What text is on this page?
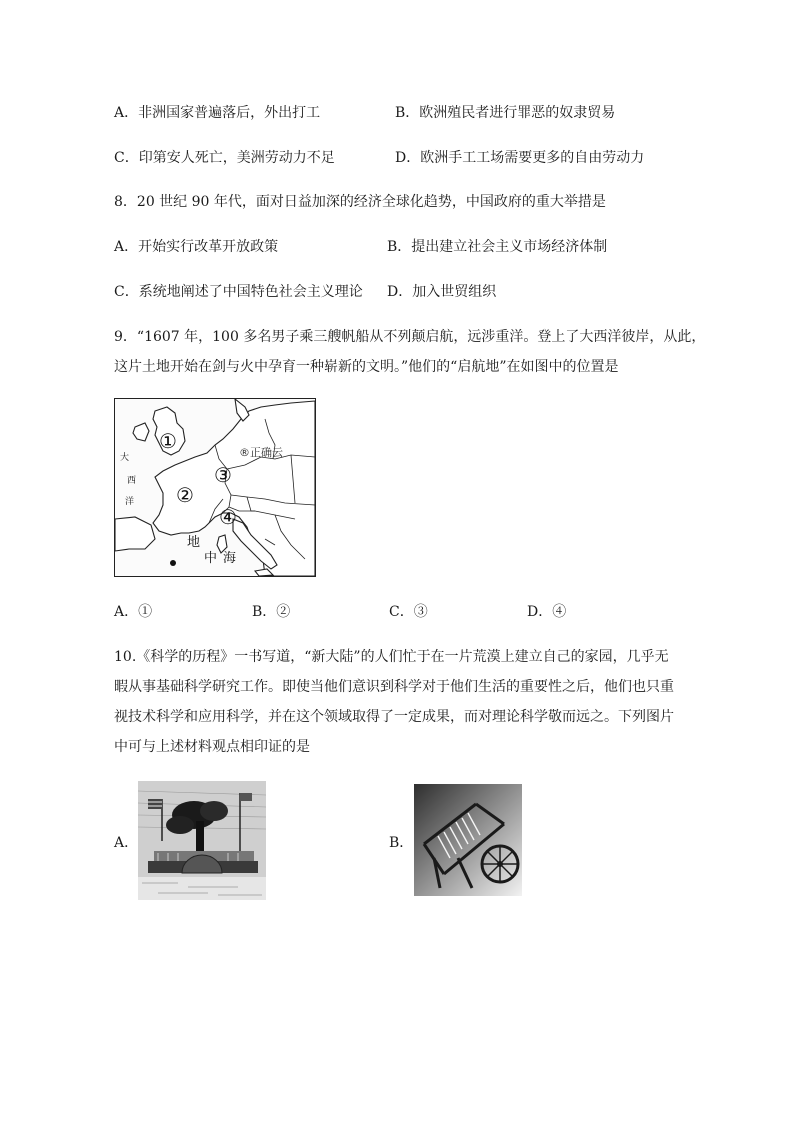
A．非洲国家普遍落后，外出打工	B．欧洲殖民者进行罪恶的奴隶贸易
C．印第安人死亡，美洲劳动力不足	D．欧洲手工工场需要更多的自由劳动力
8．20 世纪 90 年代，面对日益加深的经济全球化趋势，中国政府的重大举措是
A．开始实行改革开放政策	B．提出建立社会主义市场经济体制
C．系统地阐述了中国特色社会主义理论 D．加入世贸组织
9．“1607 年，100 多名男子乘三艘帆船从不列颠启航，远涉重洋。登上了大西洋彼岸，从此，
这片土地开始在剑与火中孕育一种崭新的文明。”他们的“启航地”在如图中的位置是
①
②
③
④
大
西
洋
地
中 海
®正确云
A．①	B．②	C．③	D．④
10.《科学的历程》一书写道，“新大陆”的人们忙于在一片荒漠上建立自己的家园，几乎无
暇从事基础科学研究工作。即使当他们意识到科学对于他们生活的重要性之后，他们也只重
视技术科学和应用科学，并在这个领域取得了一定成果，而对理论科学敬而远之。下列图片
中可与上述材料观点相印证的是
A．	B．
